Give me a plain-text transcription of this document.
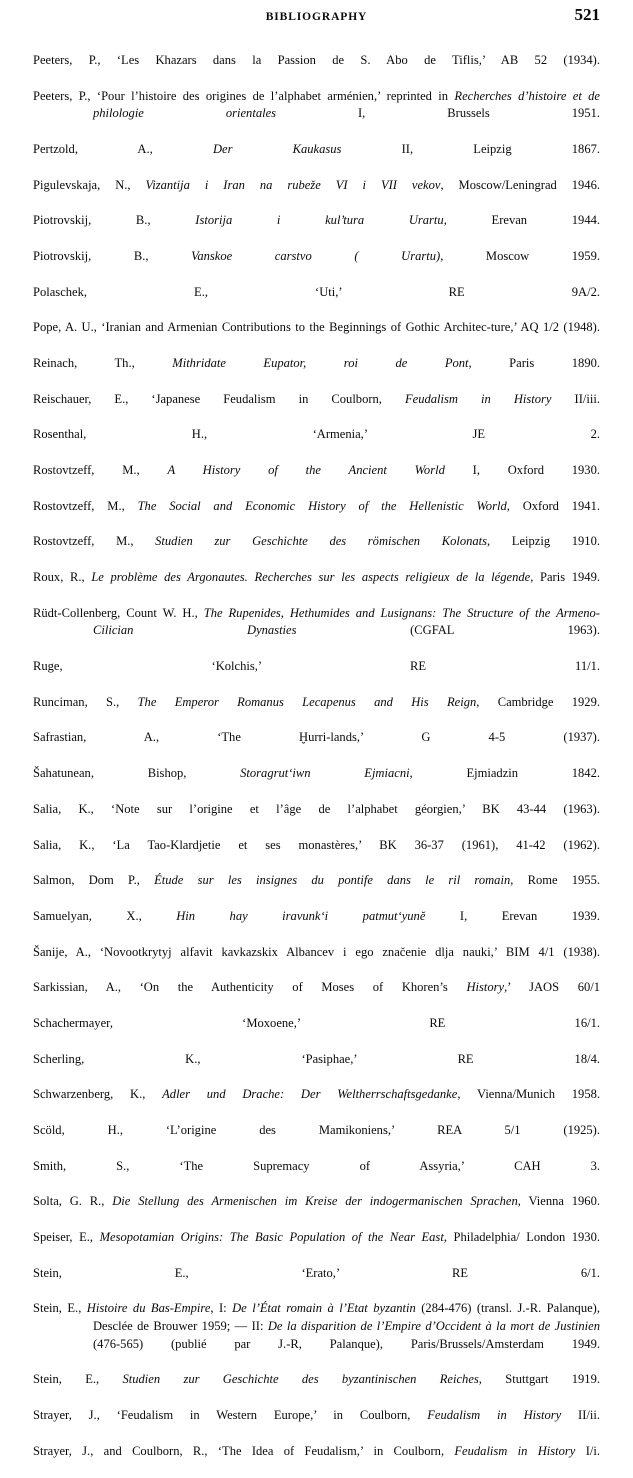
BIBLIOGRAPHY	521

Peeters, P., ‘Les Khazars dans la Passion de S. Abo de Tiflis,’ AB 52 (1934).

Peeters, P., ‘Pour l’histoire des origines de l’alphabet arménien,’ reprinted in Recherches d’histoire et de philologie orientales I, Brussels 1951.

Pertzold, A., Der Kaukasus II, Leipzig 1867.

Pigulevskaja, N., Vizantija i Iran na rubeže VI i VII vekov, Moscow/Leningrad 1946.

Piotrovskij, B., Istorija i kul’tura Urartu, Erevan 1944.

Piotrovskij, B., Vanskoe carstvo ( Urartu), Moscow 1959.

Polaschek, E., ‘Uti,’ RE 9A/2.

Pope, A. U., ‘Iranian and Armenian Contributions to the Beginnings of Gothic Architec-ture,’ AQ 1/2 (1948).

Reinach, Th., Mithridate Eupator, roi de Pont, Paris 1890.

Reischauer, E., ‘Japanese Feudalism in Coulborn, Feudalism in History II/iii.

Rosenthal, H., ‘Armenia,’ JE 2.

Rostovtzeff, M., A History of the Ancient World I, Oxford 1930.

Rostovtzeff, M., The Social and Economic History of the Hellenistic World, Oxford 1941.

Rostovtzeff, M., Studien zur Geschichte des römischen Kolonats, Leipzig 1910.

Roux, R., Le problème des Argonautes. Recherches sur les aspects religieux de la légende, Paris 1949.

Rüdt-Collenberg, Count W. H., The Rupenides, Hethumides and Lusignans: The Structure of the Armeno-Cilician Dynasties (CGFAL 1963).

Ruge, ‘Kolchis,’ RE 11/1.

Runciman, S., The Emperor Romanus Lecapenus and His Reign, Cambridge 1929.

Safrastian, A., ‘The Ḫurri-lands,’ G 4-5 (1937).

Šahatunean, Bishop, Storagrutʻiwn Ejmiacni, Ejmiadzin 1842.

Salia, K., ‘Note sur l’origine et l’âge de l’alphabet géorgien,’ BK 43-44 (1963).

Salia, K., ‘La Tao-Klardjetie et ses monastères,’ BK 36-37 (1961), 41-42 (1962).

Salmon, Dom P., Étude sur les insignes du pontife dans le ril romain, Rome 1955.

Samuelyan, X., Hin hay iravunkʻi patmutʻyunĕ I, Erevan 1939.

Šanije, A., ‘Novootkrytyj alfavit kavkazskix Albancev i ego značenie dlja nauki,’ BIM 4/1 (1938).

Sarkissian, A., ‘On the Authenticity of Moses of Khoren’s History,’ JAOS 60/1

Schachermayer, ‘Moxoene,’ RE 16/1.

Scherling, K., ‘Pasiphae,’ RE 18/4.

Schwarzenberg, K., Adler und Drache: Der Weltherrschaftsgedanke, Vienna/Munich 1958.

Scöld, H., ‘L’origine des Mamikoniens,’ REA 5/1 (1925).

Smith, S., ‘The Supremacy of Assyria,’ CAH 3.

Solta, G. R., Die Stellung des Armenischen im Kreise der indogermanischen Sprachen, Vienna 1960.

Speiser, E., Mesopotamian Origins: The Basic Population of the Near East, Philadelphia/ London 1930.

Stein, E., ‘Erato,’ RE 6/1.

Stein, E., Histoire du Bas-Empire, I: De l’État romain à l’Etat byzantin (284-476) (transl. J.-R. Palanque), Desclée de Brouwer 1959; — II: De la disparition de l’Empire d’Occident à la mort de Justinien (476-565) (publié par J.-R, Palanque), Paris/Brussels/Amsterdam 1949.

Stein, E., Studien zur Geschichte des byzantinischen Reiches, Stuttgart 1919.

Strayer, J., ‘Feudalism in Western Europe,’ in Coulborn, Feudalism in History II/ii.

Strayer, J., and Coulborn, R., ‘The Idea of Feudalism,’ in Coulborn, Feudalism in History I/i.
